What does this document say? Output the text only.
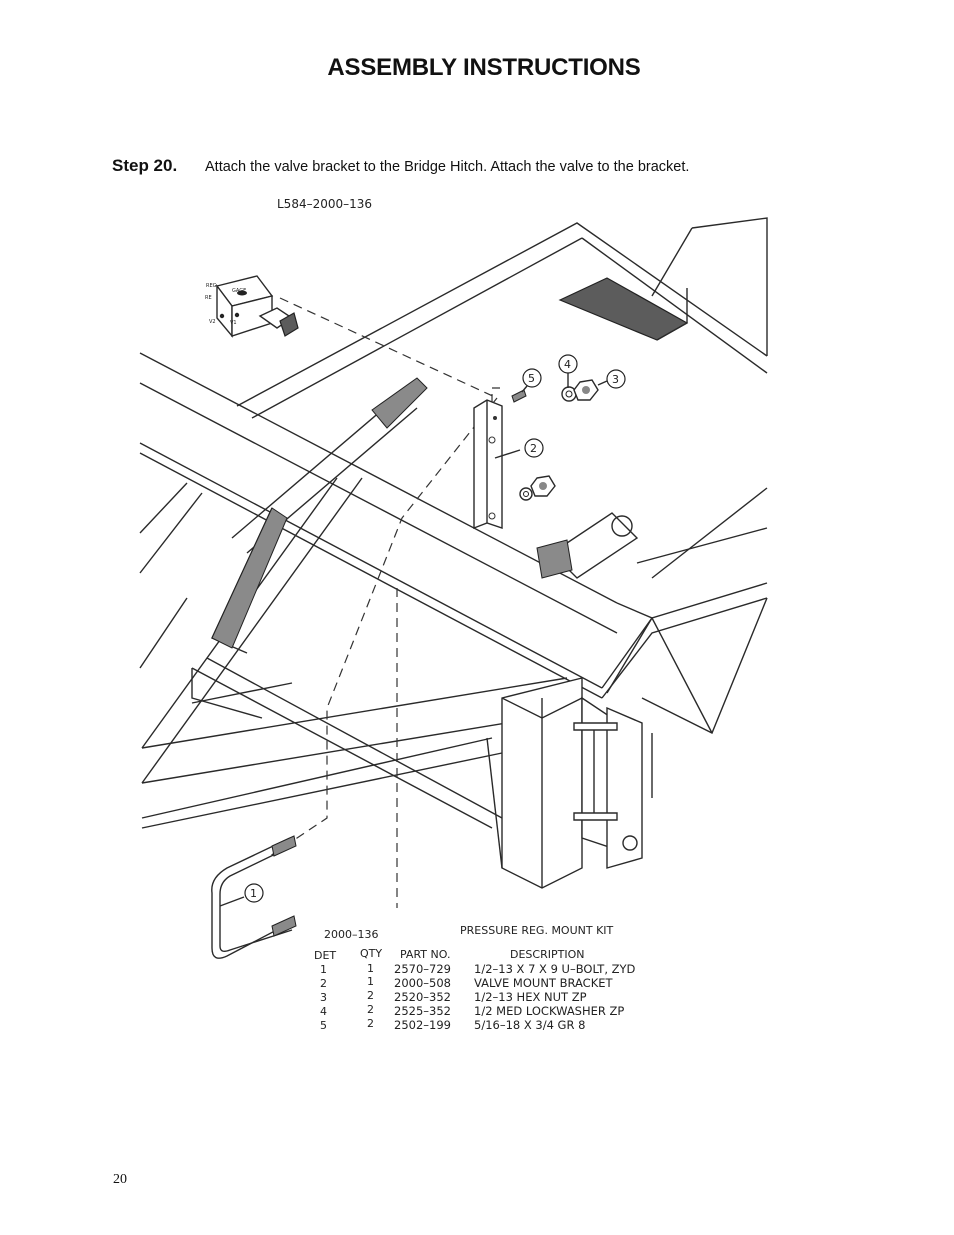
ASSEMBLY INSTRUCTIONS
Step 20. Attach the valve bracket to the Bridge Hitch. Attach the valve to the bracket.
L584–2000–136
REG
GAGE
RE
V2	V1
5
4
3
2
1
2000–136	PRESSURE REG. MOUNT KIT
DET QTY PART NO.	DESCRIPTION
1	1 2570–729 1/2–13 X 7 X 9 U–BOLT, ZYD
2	1 2000–508 VALVE MOUNT BRACKET
3	2 2520–352 1/2–13 HEX NUT ZP
4	2 2525–352 1/2 MED LOCKWASHER ZP
5	2 2502–199 5/16–18 X 3/4 GR 8
20
